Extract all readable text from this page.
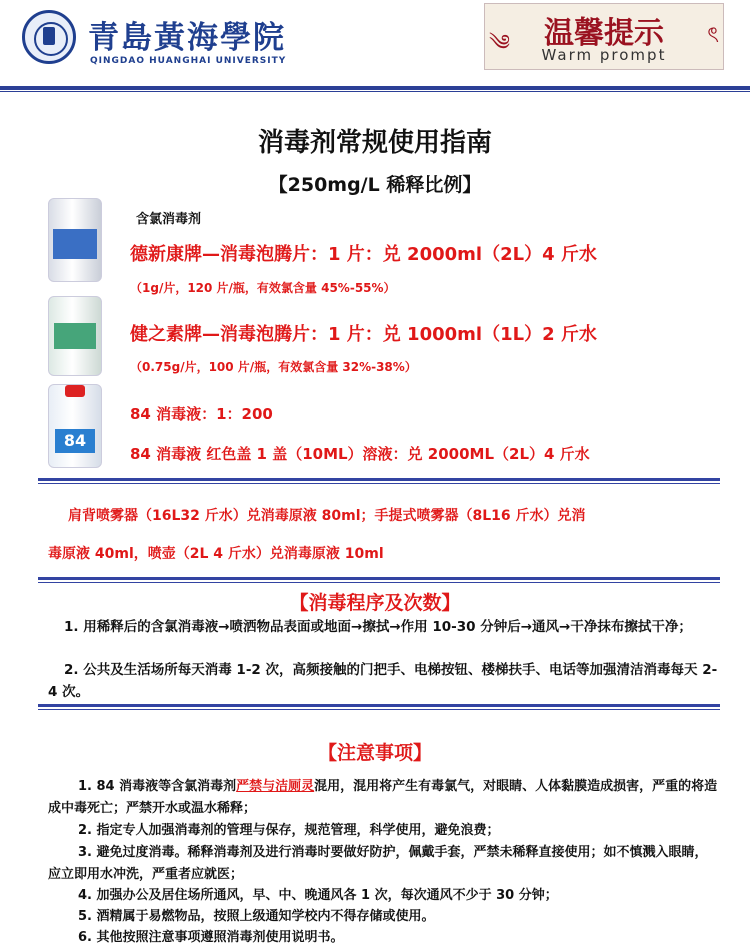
青島黃海學院
QINGDAO HUANGHAI UNIVERSITY
༄	ৎ
温馨提示
Warm prompt
消毒剂常规使用指南
【250mg/L 稀释比例】
84
含氯消毒剂
德新康牌—消毒泡腾片：1 片：兑 2000ml（2L）4 斤水
（1g/片，120 片/瓶，有效氯含量 45%-55%）
健之素牌—消毒泡腾片：1 片：兑 1000ml（1L）2 斤水
（0.75g/片，100 片/瓶，有效氯含量 32%-38%）
84 消毒液：1：200
84 消毒液 红色盖 1 盖（10ML）溶液：兑 2000ML（2L）4 斤水
肩背喷雾器（16L32 斤水）兑消毒原液 80ml；手提式喷雾器（8L16 斤水）兑消
毒原液 40ml，喷壶（2L 4 斤水）兑消毒原液 10ml
【消毒程序及次数】
1. 用稀释后的含氯消毒液→喷洒物品表面或地面→擦拭→作用 10-30 分钟后→通风→干净抹布擦拭干净；
2. 公共及生活场所每天消毒 1-2 次，高频接触的门把手、电梯按钮、楼梯扶手、电话等加强清洁消毒每天 2-4 次。
【注意事项】
1. 84 消毒液等含氯消毒剂严禁与洁厕灵混用，混用将产生有毒氯气，对眼睛、人体黏膜造成损害，严重的将造成中毒死亡；严禁开水或温水稀释；
2. 指定专人加强消毒剂的管理与保存，规范管理，科学使用，避免浪费；
3. 避免过度消毒。稀释消毒剂及进行消毒时要做好防护，佩戴手套，严禁未稀释直接使用；如不慎溅入眼睛，应立即用水冲洗，严重者应就医；
4. 加强办公及居住场所通风，早、中、晚通风各 1 次，每次通风不少于 30 分钟；
5. 酒精属于易燃物品，按照上级通知学校内不得存储或使用。
6. 其他按照注意事项遵照消毒剂使用说明书。
